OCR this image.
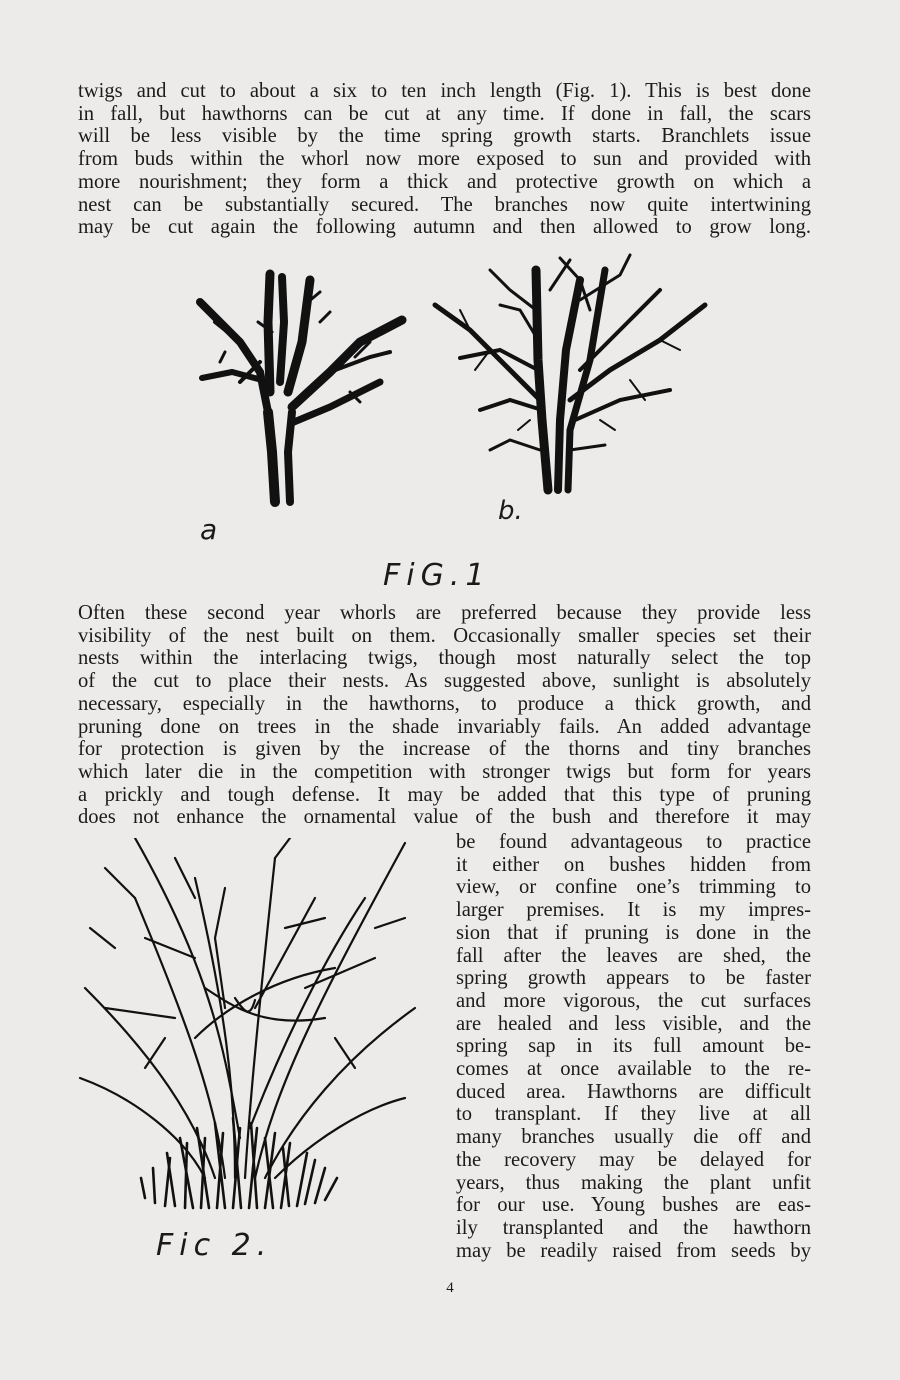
twigs and cut to about a six to ten inch length (Fig. 1). This is best done
in fall, but hawthorns can be cut at any time. If done in fall, the scars
will be less visible by the time spring growth starts. Branchlets issue
from buds within the whorl now more exposed to sun and provided with
more nourishment; they form a thick and protective growth on which a
nest can be substantially secured. The branches now quite intertwining
may be cut again the following autumn and then allowed to grow long.
a
b.
FiG.1
Often these second year whorls are preferred because they provide less
visibility of the nest built on them. Occasionally smaller species set their
nests within the interlacing twigs, though most naturally select the top
of the cut to place their nests. As suggested above, sunlight is absolutely
necessary, especially in the hawthorns, to produce a thick growth, and
pruning done on trees in the shade invariably fails. An added advantage
for protection is given by the increase of the thorns and tiny branches
which later die in the competition with stronger twigs but form for years
a prickly and tough defense. It may be added that this type of pruning
does not enhance the ornamental value of the bush and therefore it may
be found advantageous to practice
it either on bushes hidden from
view, or confine one’s trimming to
larger premises. It is my impres-
sion that if pruning is done in the
fall after the leaves are shed, the
spring growth appears to be faster
and more vigorous, the cut surfaces
are healed and less visible, and the
spring sap in its full amount be-
comes at once available to the re-
duced area. Hawthorns are difficult
to transplant. If they live at all
many branches usually die off and
the recovery may be delayed for
years, thus making the plant unfit
for our use. Young bushes are eas-
ily transplanted and the hawthorn
may be readily raised from seeds by
Fic 2.
4
